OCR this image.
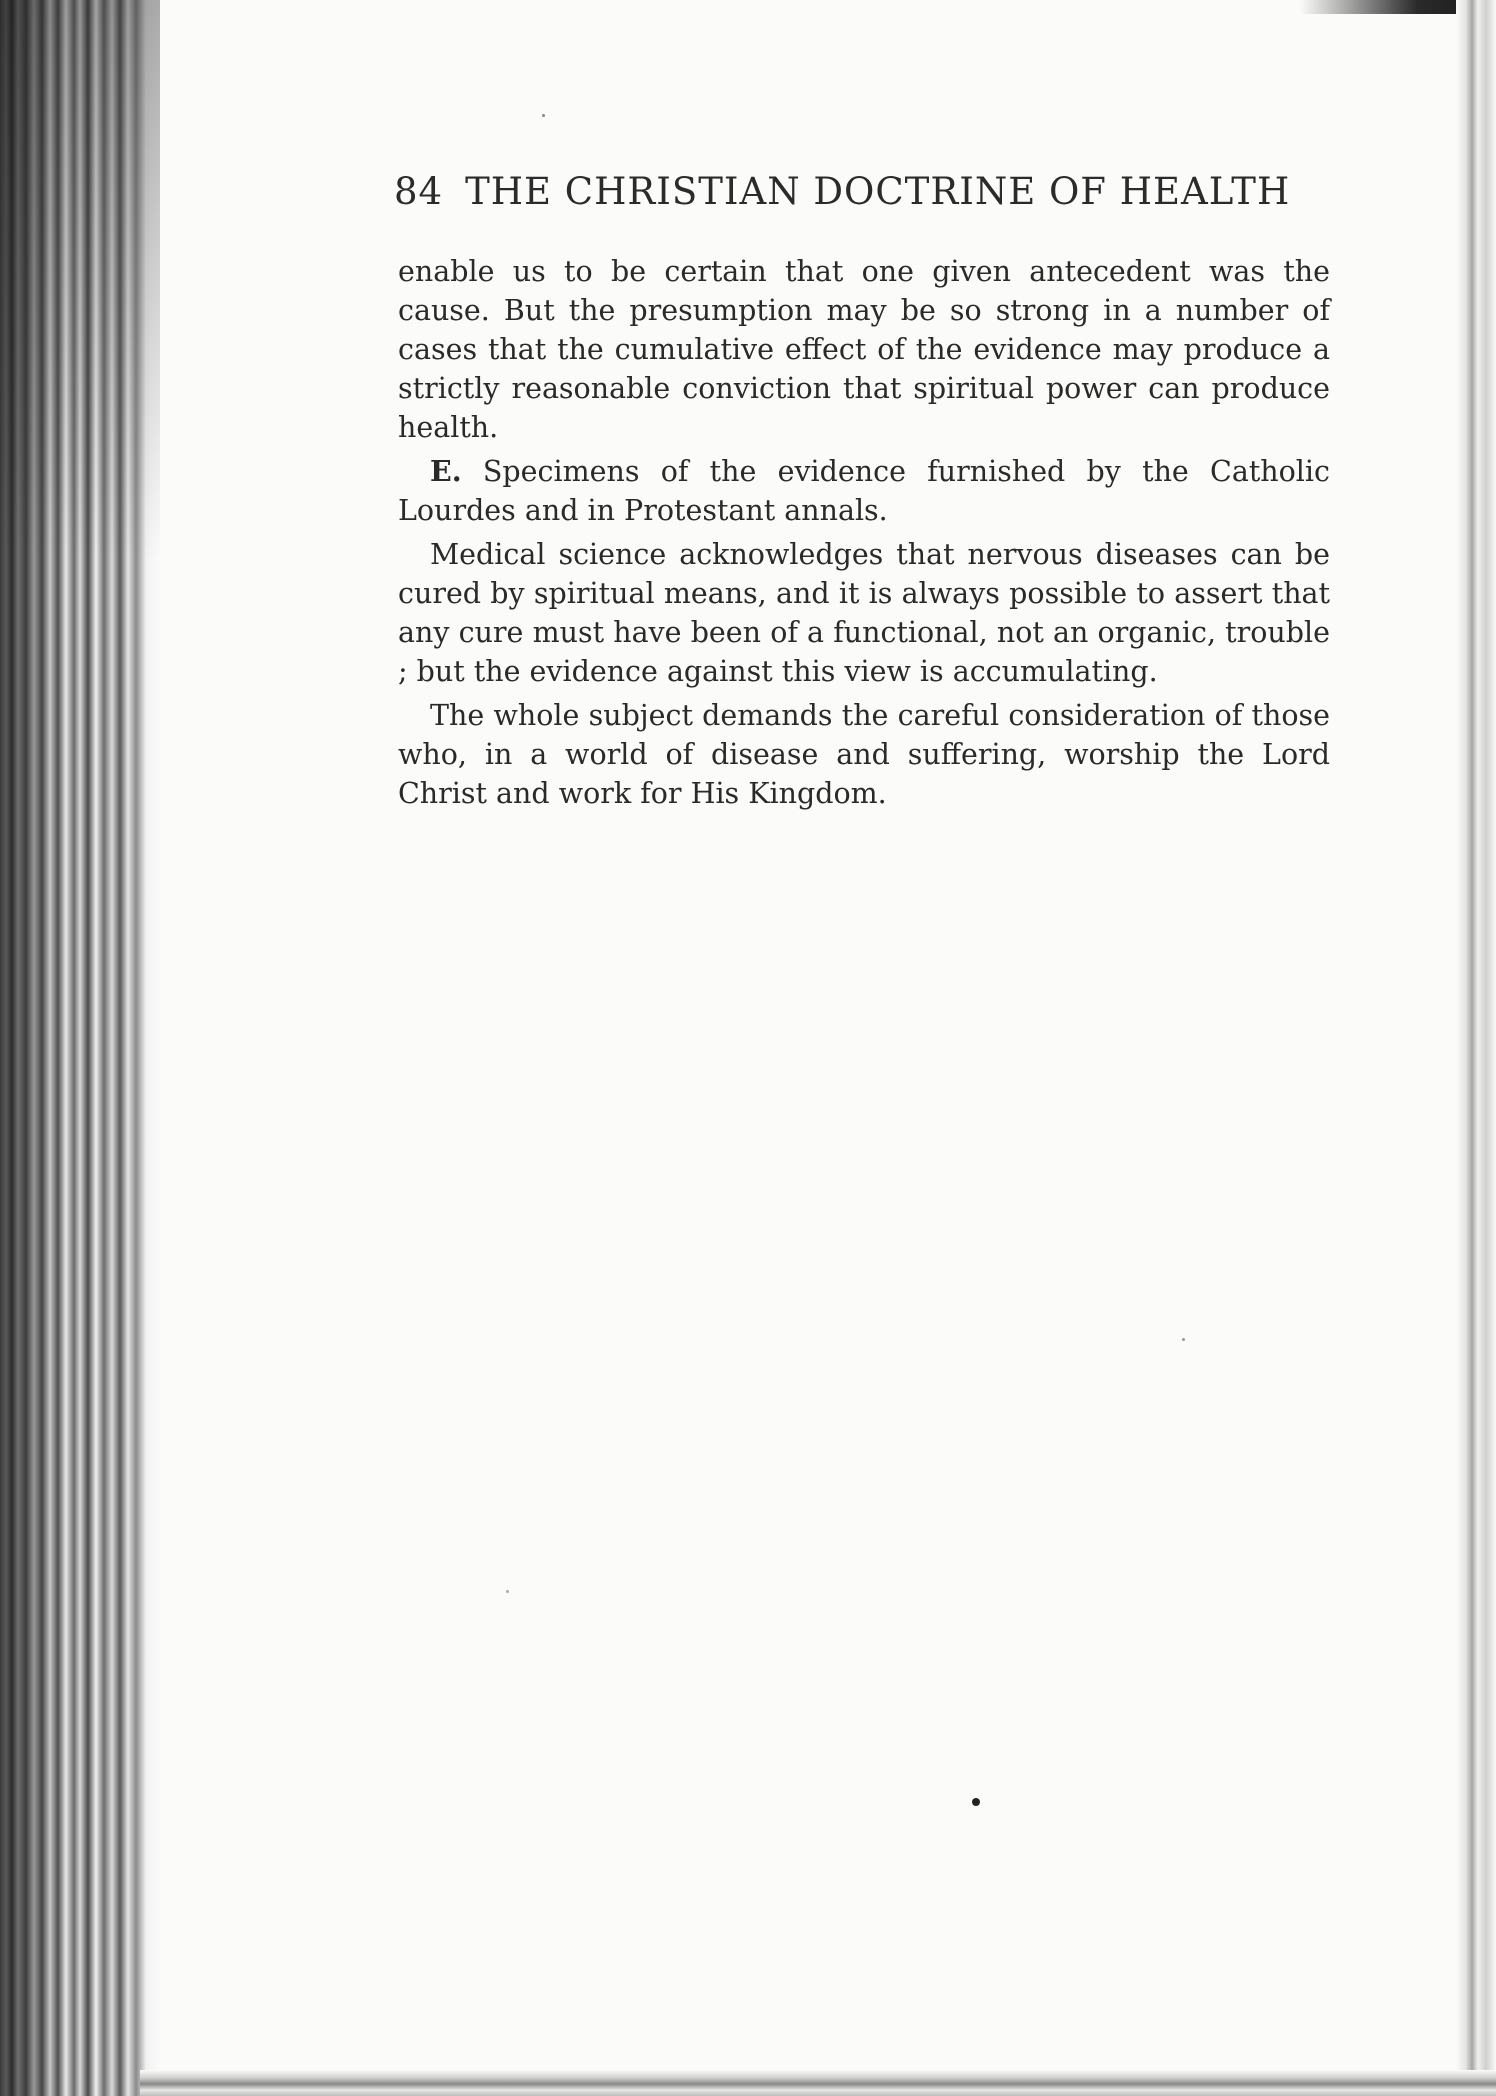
84 THE CHRISTIAN DOCTRINE OF HEALTH

enable us to be certain that one given antecedent was the cause. But the presumption may be so strong in a number of cases that the cumulative effect of the evidence may produce a strictly reasonable conviction that spiritual power can produce health.

E. Specimens of the evidence furnished by the Catholic Lourdes and in Protestant annals.

Medical science acknowledges that nervous diseases can be cured by spiritual means, and it is always possible to assert that any cure must have been of a functional, not an organic, trouble ; but the evidence against this view is accumulating.

The whole subject demands the careful consideration of those who, in a world of disease and suffering, worship the Lord Christ and work for His Kingdom.
